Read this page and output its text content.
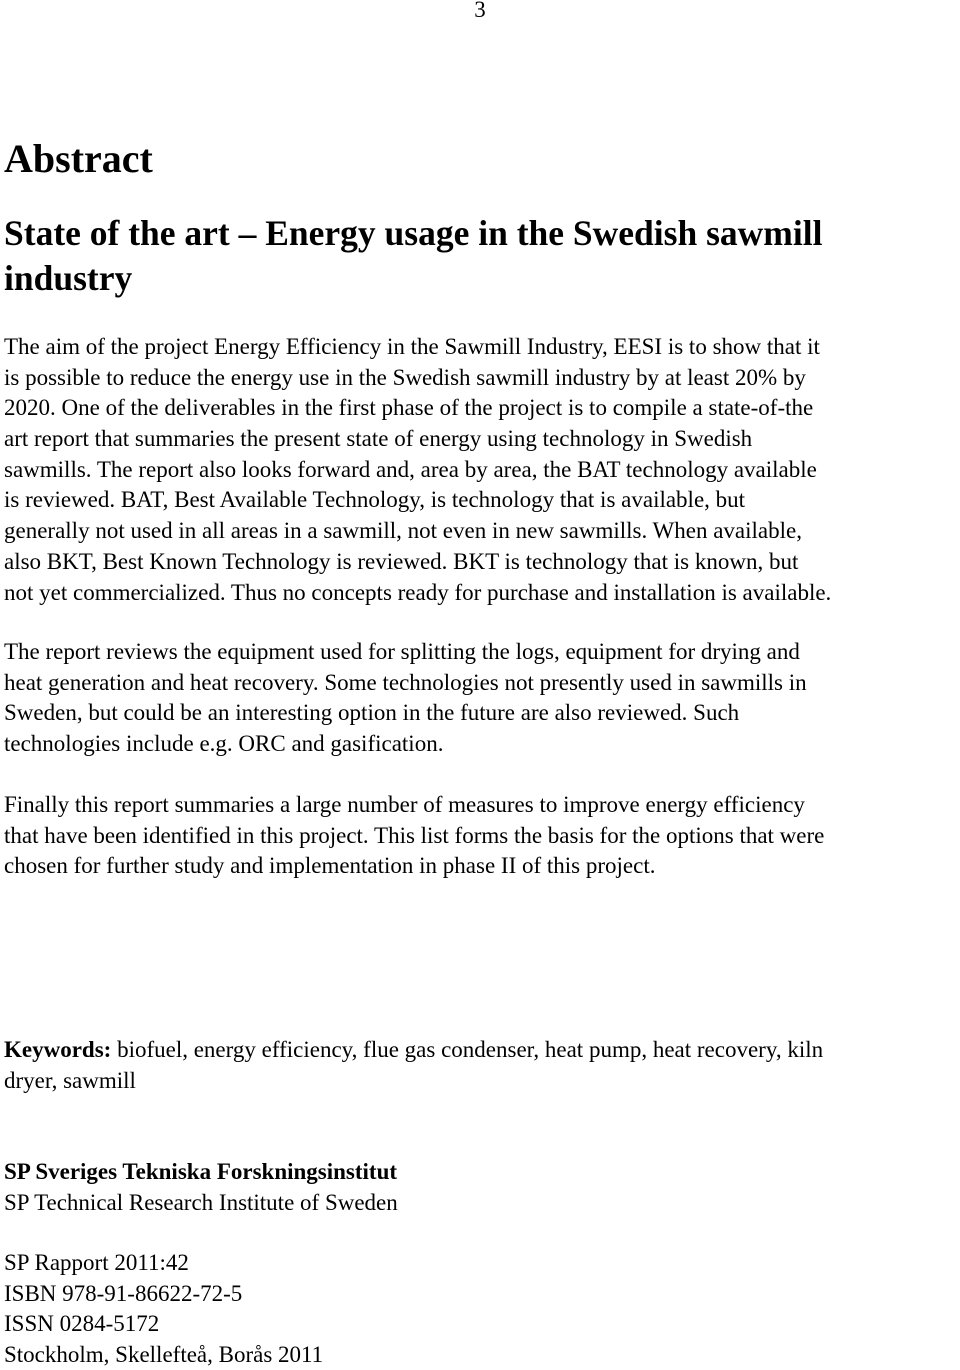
3
Abstract
State of the art – Energy usage in the Swedish sawmill
industry
The aim of the project Energy Efficiency in the Sawmill Industry, EESI is to show that it
is possible to reduce the energy use in the Swedish sawmill industry by at least 20% by
2020. One of the deliverables in the first phase of the project is to compile a state-of-the
art report that summaries the present state of energy using technology in Swedish
sawmills. The report also looks forward and, area by area, the BAT technology available
is reviewed. BAT, Best Available Technology, is technology that is available, but
generally not used in all areas in a sawmill, not even in new sawmills. When available,
also BKT, Best Known Technology is reviewed. BKT is technology that is known, but
not yet commercialized. Thus no concepts ready for purchase and installation is available.
The report reviews the equipment used for splitting the logs, equipment for drying and
heat generation and heat recovery. Some technologies not presently used in sawmills in
Sweden, but could be an interesting option in the future are also reviewed. Such
technologies include e.g. ORC and gasification.
Finally this report summaries a large number of measures to improve energy efficiency
that have been identified in this project. This list forms the basis for the options that were
chosen for further study and implementation in phase II of this project.
Keywords: biofuel, energy efficiency, flue gas condenser, heat pump, heat recovery, kiln
dryer, sawmill
SP Sveriges Tekniska Forskningsinstitut
SP Technical Research Institute of Sweden
SP Rapport 2011:42
ISBN 978-91-86622-72-5
ISSN 0284-5172
Stockholm, Skellefteå, Borås 2011
